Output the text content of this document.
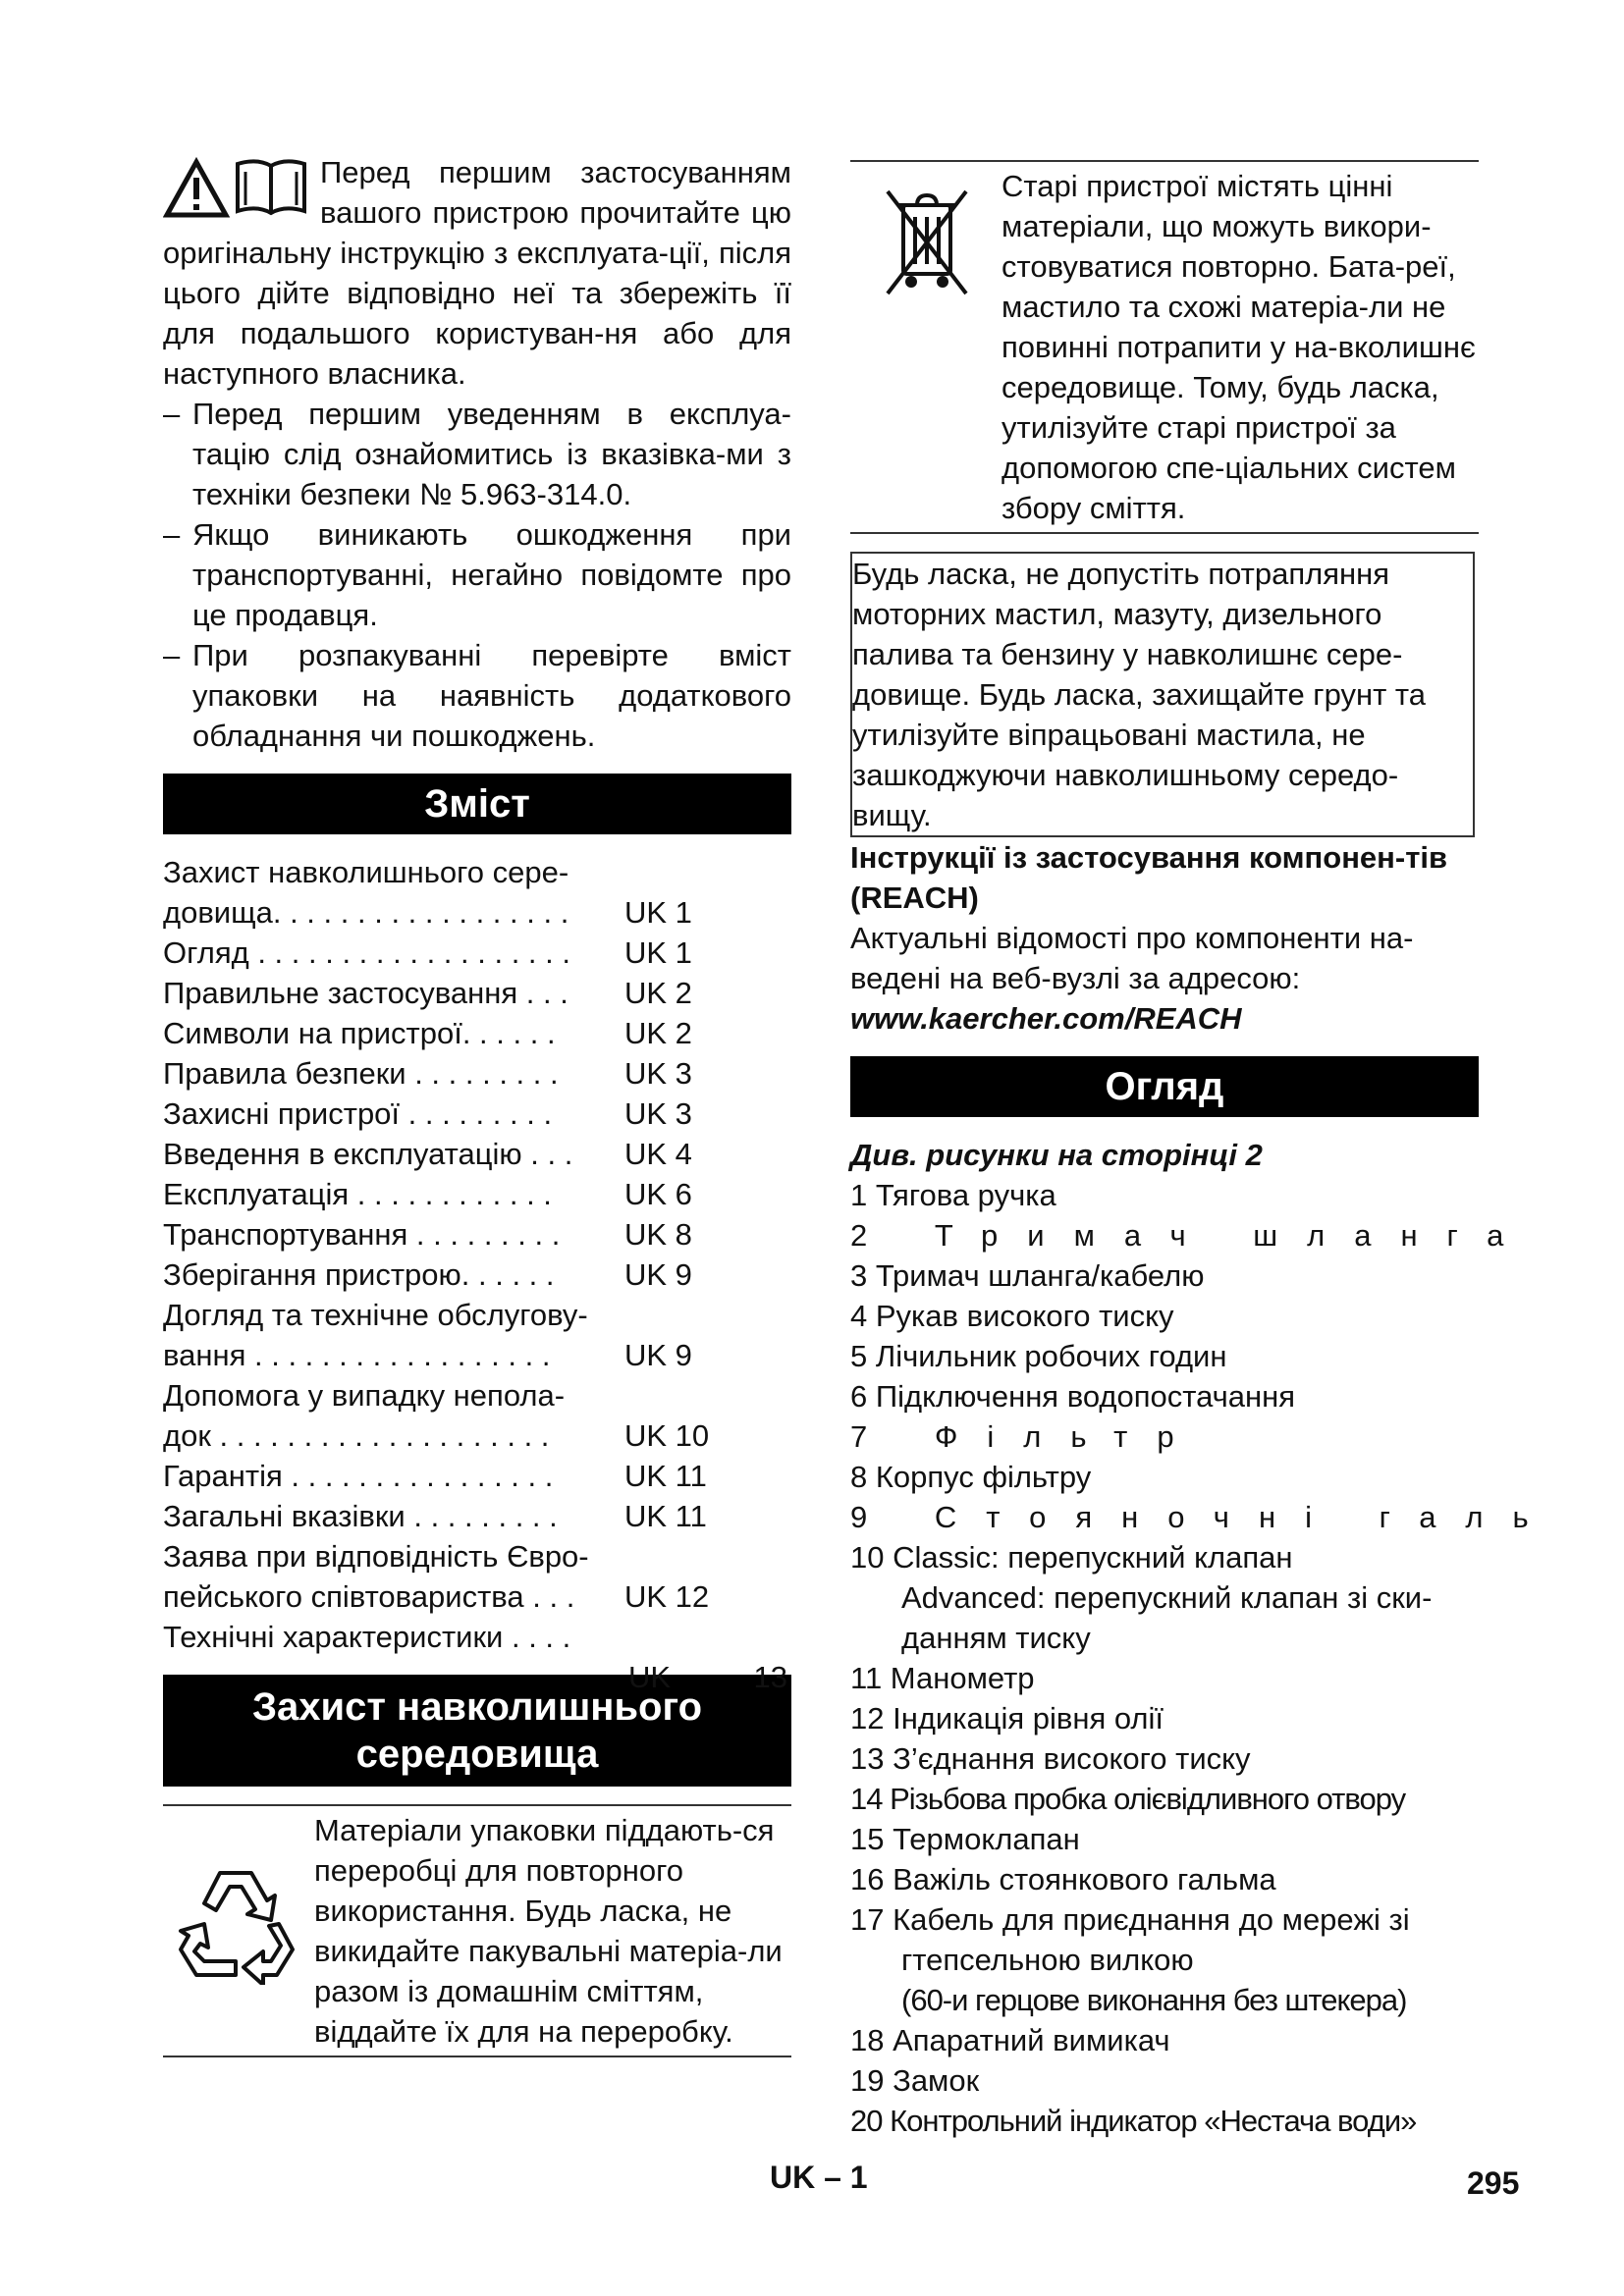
Перед першим застосуванням вашого пристрою прочитайте цю оригінальну інструкцію з експлуата-ції, після цього дійте відповідно неї та збережіть її для подальшого користуван-ня або для наступного власника.

– Перед першим уведенням в експлуа-тацію слід ознайомитись із вказівка-ми з техніки безпеки № 5.963-314.0.

– Якщо виникають ошкодження при транспортуванні, негайно повідомте про це продавця.

– При розпакуванні перевірте вміст упаковки на наявність додаткового обладнання чи пошкоджень.

Зміст
Захист навколишнього сере-
довища. . . . . . . . . . . . . . . . . . UK 1
Огляд . . . . . . . . . . . . . . . . . . . UK 1
Правильне застосування . . . UK 2
Символи на пристрої. . . . . . UK 2
Правила безпеки . . . . . . . . . UK 3
Захисні пристрої . . . . . . . . . UK 3
Введення в експлуатацію . . . UK 4
Експлуатація . . . . . . . . . . . . UK 6
Транспортування . . . . . . . . . UK 8
Зберігання пристрою. . . . . . UK 9
Догляд та технічне обслугову-
вання . . . . . . . . . . . . . . . . . . UK 9
Допомога у випадку непола-
док . . . . . . . . . . . . . . . . . . . . UK 10
Гарантія . . . . . . . . . . . . . . . . UK 11
Загальні вказівки . . . . . . . . . UK 11
Заява при відповідність Євро-
пейського співтовариства . . . UK 12
Технічні характеристики . . . .
UK	13
Захист навколишнього
середовища

Матеріали упаковки піддають-ся переробці для повторного використання. Будь ласка, не викидайте пакувальні матеріа-ли разом із домашнім сміттям, віддайте їх для на переробку.

Старі пристрої містять цінні матеріали, що можуть викори-стовуватися повторно. Бата-реї, мастило та схожі матеріа-ли не повинні потрапити у на-вколишнє середовище. Тому, будь ласка, утилізуйте старі пристрої за допомогою спе-ціальних систем збору сміття.

Будь ласка, не допустіть потрапляння моторних мастил, мазуту, дизельного палива та бензину у навколишнє сере-довище. Будь ласка, захищайте грунт та утилізуйте віпрацьовані мастила, не зашкоджуючи навколишньому середо-вищу.

Інструкції із застосування компонен-тів (REACH)

Актуальні відомості про компоненти на-ведені на веб-вузлі за адресою:

www.kaercher.com/REACH

Огляд

Див. рисунки на сторінці 2

1 Тягова ручка
2 Тримач шланга
3 Тримач шланга/кабелю
4 Рукав високого тиску
5 Лічильник робочих годин
6 Підключення водопостачання
7 Фільтр
8 Корпус фільтру
9 Стояночні галь
10 Classic: перепускний клапан
Advanced: перепускний клапан зі ски-
данням тиску
11 Манометр
12 Індикація рівня олії
13 З’єднання високого тиску
14 Різьбова пробка олієвідливного отвору
15 Термоклапан
16 Важіль стоянкового гальма
17 Кабель для приєднання до мережі зі
гтепсельною вилкою
(60-и герцове виконання без штекера)
18 Апаратний вимикач
19 Замок
20 Контрольний індикатор «Нестача води»
UK – 1	295
